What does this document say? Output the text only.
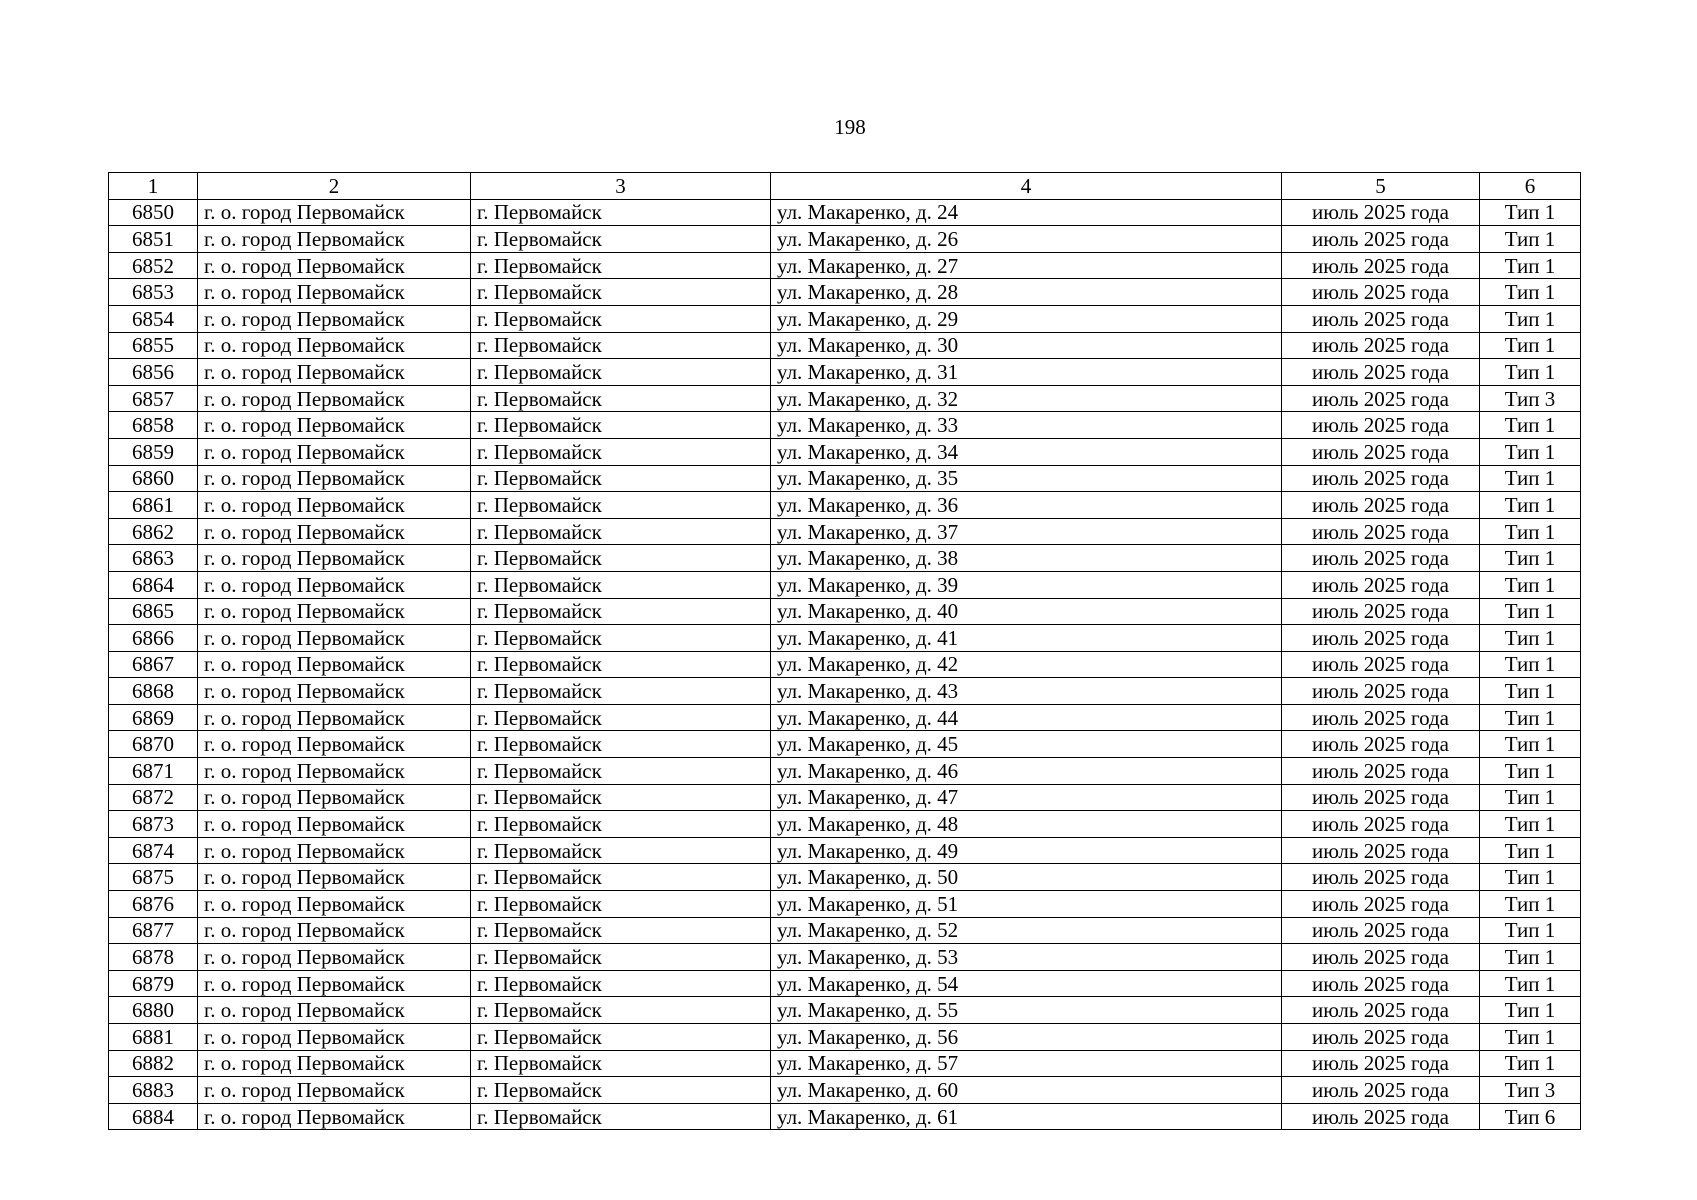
198
1	2	3	4	5	6
6850	г. о. город Первомайск	г. Первомайск	ул. Макаренко, д. 24	июль 2025 года	Тип 1
6851	г. о. город Первомайск	г. Первомайск	ул. Макаренко, д. 26	июль 2025 года	Тип 1
6852	г. о. город Первомайск	г. Первомайск	ул. Макаренко, д. 27	июль 2025 года	Тип 1
6853	г. о. город Первомайск	г. Первомайск	ул. Макаренко, д. 28	июль 2025 года	Тип 1
6854	г. о. город Первомайск	г. Первомайск	ул. Макаренко, д. 29	июль 2025 года	Тип 1
6855	г. о. город Первомайск	г. Первомайск	ул. Макаренко, д. 30	июль 2025 года	Тип 1
6856	г. о. город Первомайск	г. Первомайск	ул. Макаренко, д. 31	июль 2025 года	Тип 1
6857	г. о. город Первомайск	г. Первомайск	ул. Макаренко, д. 32	июль 2025 года	Тип 3
6858	г. о. город Первомайск	г. Первомайск	ул. Макаренко, д. 33	июль 2025 года	Тип 1
6859	г. о. город Первомайск	г. Первомайск	ул. Макаренко, д. 34	июль 2025 года	Тип 1
6860	г. о. город Первомайск	г. Первомайск	ул. Макаренко, д. 35	июль 2025 года	Тип 1
6861	г. о. город Первомайск	г. Первомайск	ул. Макаренко, д. 36	июль 2025 года	Тип 1
6862	г. о. город Первомайск	г. Первомайск	ул. Макаренко, д. 37	июль 2025 года	Тип 1
6863	г. о. город Первомайск	г. Первомайск	ул. Макаренко, д. 38	июль 2025 года	Тип 1
6864	г. о. город Первомайск	г. Первомайск	ул. Макаренко, д. 39	июль 2025 года	Тип 1
6865	г. о. город Первомайск	г. Первомайск	ул. Макаренко, д. 40	июль 2025 года	Тип 1
6866	г. о. город Первомайск	г. Первомайск	ул. Макаренко, д. 41	июль 2025 года	Тип 1
6867	г. о. город Первомайск	г. Первомайск	ул. Макаренко, д. 42	июль 2025 года	Тип 1
6868	г. о. город Первомайск	г. Первомайск	ул. Макаренко, д. 43	июль 2025 года	Тип 1
6869	г. о. город Первомайск	г. Первомайск	ул. Макаренко, д. 44	июль 2025 года	Тип 1
6870	г. о. город Первомайск	г. Первомайск	ул. Макаренко, д. 45	июль 2025 года	Тип 1
6871	г. о. город Первомайск	г. Первомайск	ул. Макаренко, д. 46	июль 2025 года	Тип 1
6872	г. о. город Первомайск	г. Первомайск	ул. Макаренко, д. 47	июль 2025 года	Тип 1
6873	г. о. город Первомайск	г. Первомайск	ул. Макаренко, д. 48	июль 2025 года	Тип 1
6874	г. о. город Первомайск	г. Первомайск	ул. Макаренко, д. 49	июль 2025 года	Тип 1
6875	г. о. город Первомайск	г. Первомайск	ул. Макаренко, д. 50	июль 2025 года	Тип 1
6876	г. о. город Первомайск	г. Первомайск	ул. Макаренко, д. 51	июль 2025 года	Тип 1
6877	г. о. город Первомайск	г. Первомайск	ул. Макаренко, д. 52	июль 2025 года	Тип 1
6878	г. о. город Первомайск	г. Первомайск	ул. Макаренко, д. 53	июль 2025 года	Тип 1
6879	г. о. город Первомайск	г. Первомайск	ул. Макаренко, д. 54	июль 2025 года	Тип 1
6880	г. о. город Первомайск	г. Первомайск	ул. Макаренко, д. 55	июль 2025 года	Тип 1
6881	г. о. город Первомайск	г. Первомайск	ул. Макаренко, д. 56	июль 2025 года	Тип 1
6882	г. о. город Первомайск	г. Первомайск	ул. Макаренко, д. 57	июль 2025 года	Тип 1
6883	г. о. город Первомайск	г. Первомайск	ул. Макаренко, д. 60	июль 2025 года	Тип 3
6884	г. о. город Первомайск	г. Первомайск	ул. Макаренко, д. 61	июль 2025 года	Тип 6
